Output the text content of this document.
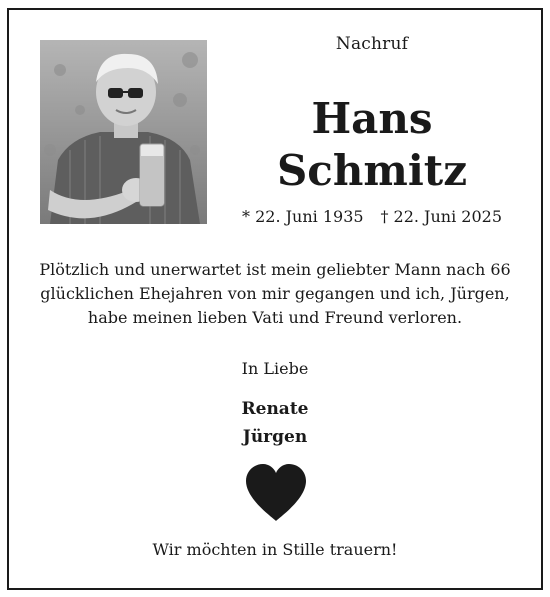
Nachruf
Hans
Schmitz
* 22. Juni 1935 † 22. Juni 2025
Plötzlich und unerwartet ist mein geliebter Mann nach 66
glücklichen Ehejahren von mir gegangen und ich, Jürgen,
habe meinen lieben Vati und Freund verloren.
In Liebe
Renate
Jürgen
Wir möchten in Stille trauern!
